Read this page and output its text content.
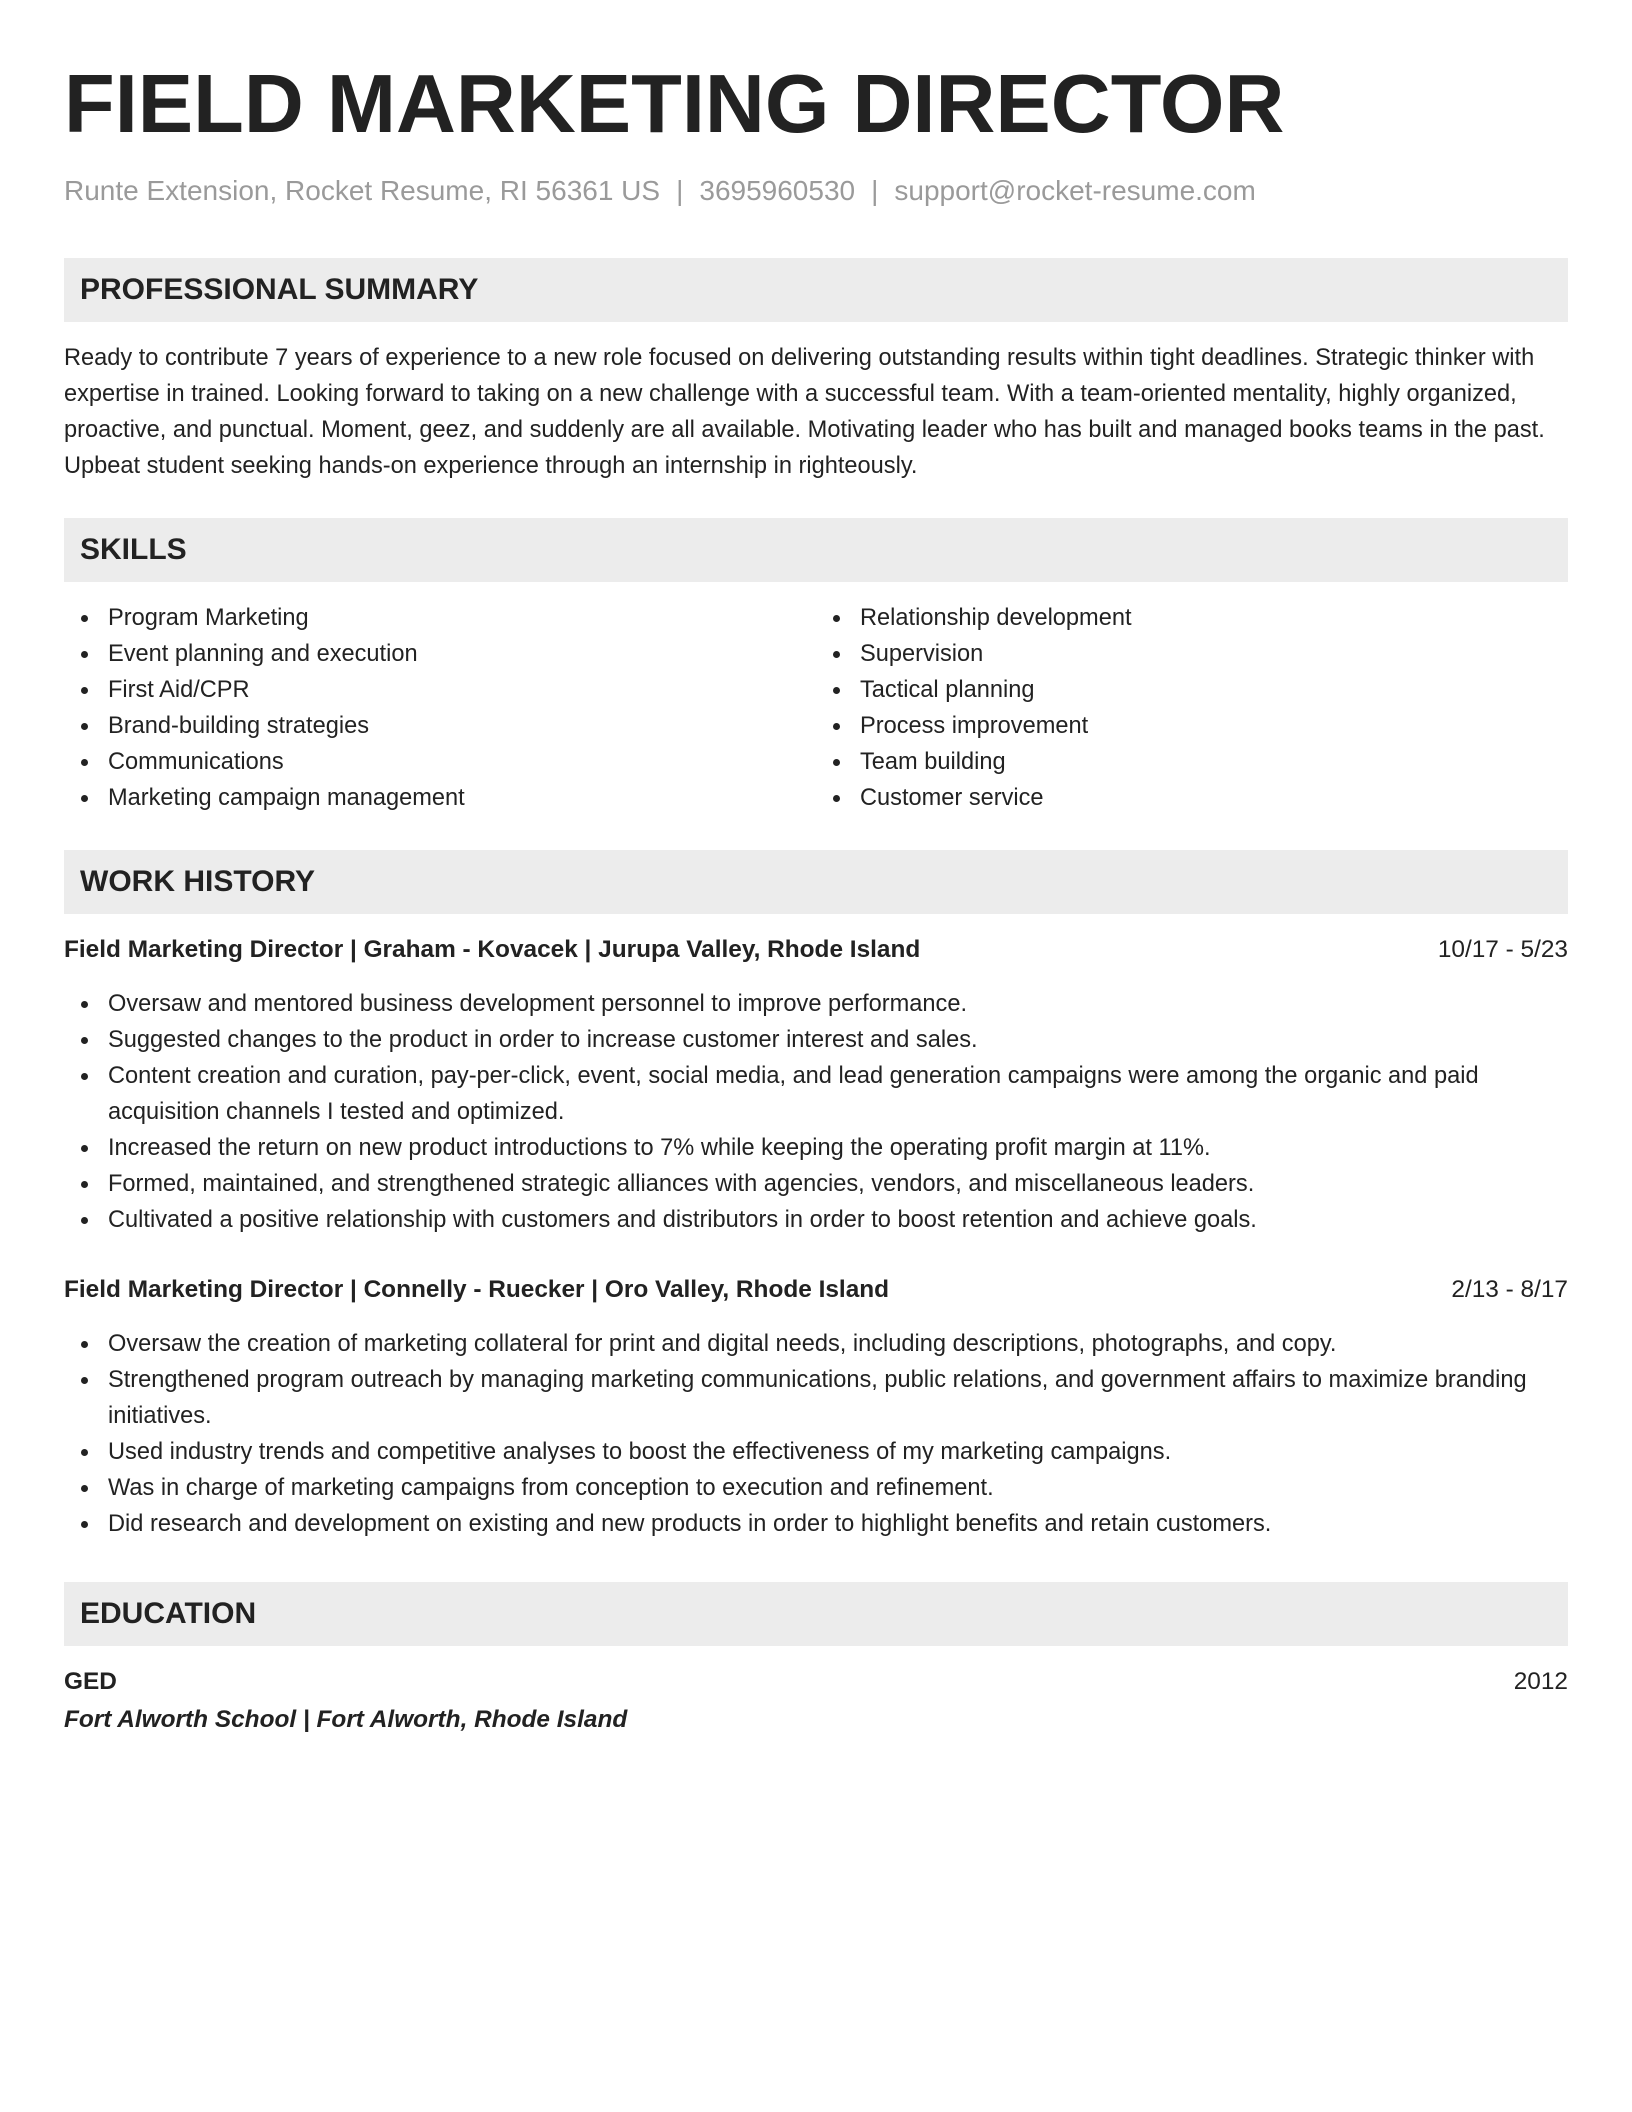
FIELD MARKETING DIRECTOR
Runte Extension, Rocket Resume, RI 56361 US | 3695960530 | support@rocket-resume.com
PROFESSIONAL SUMMARY

Ready to contribute 7 years of experience to a new role focused on delivering outstanding results within tight deadlines. Strategic thinker with expertise in trained. Looking forward to taking on a new challenge with a successful team. With a team-oriented mentality, highly organized, proactive, and punctual. Moment, geez, and suddenly are all available. Motivating leader who has built and managed books teams in the past. Upbeat student seeking hands-on experience through an internship in righteously.

SKILLS
Program Marketing
Event planning and execution
First Aid/CPR
Brand-building strategies
Communications
Marketing campaign management
Relationship development
Supervision
Tactical planning
Process improvement
Team building
Customer service
WORK HISTORY
Field Marketing Director | Graham - Kovacek | Jurupa Valley, Rhode Island	10/17 - 5/23
Oversaw and mentored business development personnel to improve performance.
Suggested changes to the product in order to increase customer interest and sales.
Content creation and curation, pay-per-click, event, social media, and lead generation campaigns were among the organic and paid acquisition channels I tested and optimized.
Increased the return on new product introductions to 7% while keeping the operating profit margin at 11%.
Formed, maintained, and strengthened strategic alliances with agencies, vendors, and miscellaneous leaders.
Cultivated a positive relationship with customers and distributors in order to boost retention and achieve goals.
Field Marketing Director | Connelly - Ruecker | Oro Valley, Rhode Island	2/13 - 8/17
Oversaw the creation of marketing collateral for print and digital needs, including descriptions, photographs, and copy.
Strengthened program outreach by managing marketing communications, public relations, and government affairs to maximize branding initiatives.
Used industry trends and competitive analyses to boost the effectiveness of my marketing campaigns.
Was in charge of marketing campaigns from conception to execution and refinement.
Did research and development on existing and new products in order to highlight benefits and retain customers.
EDUCATION
GED	2012
Fort Alworth School | Fort Alworth, Rhode Island
